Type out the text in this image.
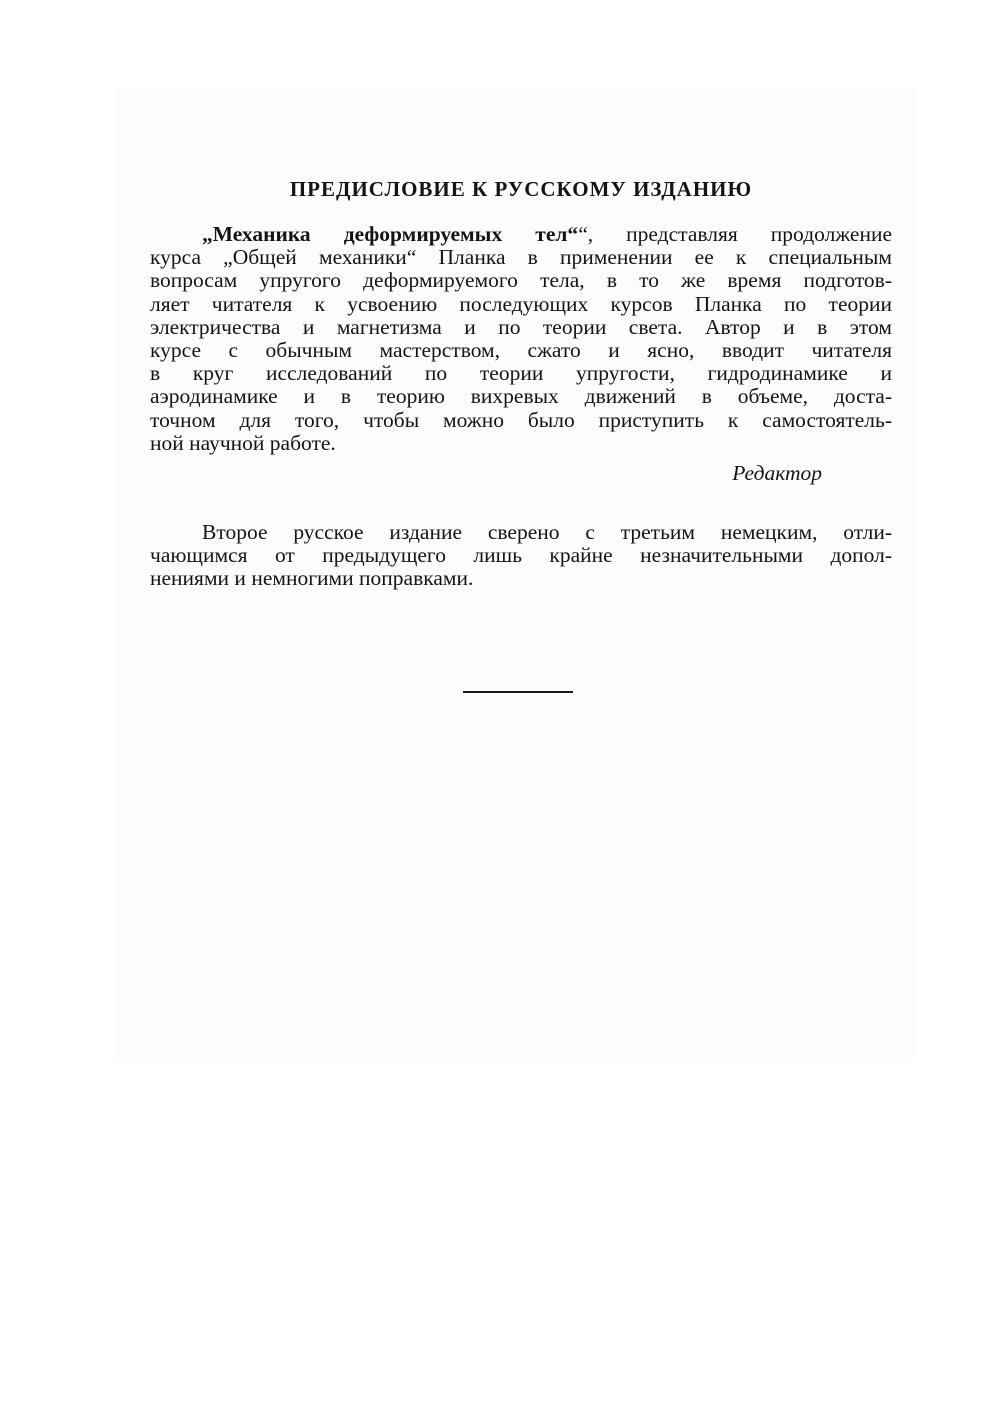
ПРЕДИСЛОВИЕ К РУССКОМУ ИЗДАНИЮ
„Механика деформируемых тел““, представляя продолжение
курса „Общей механики“ Планка в применении ее к специальным
вопросам упругого деформируемого тела, в то же время подготов-
ляет читателя к усвоению последующих курсов Планка по теории
электричества и магнетизма и по теории света. Автор и в этом
курсе с обычным мастерством, сжато и ясно, вводит читателя
в круг исследований по теории упругости, гидродинамике и
аэродинамике и в теорию вихревых движений в объеме, доста-
точном для того, чтобы можно было приступить к самостоятель-
ной научной работе.
Редактор
Второе русское издание сверено с третьим немецким, отли-
чающимся от предыдущего лишь крайне незначительными допол-
нениями и немногими поправками.
